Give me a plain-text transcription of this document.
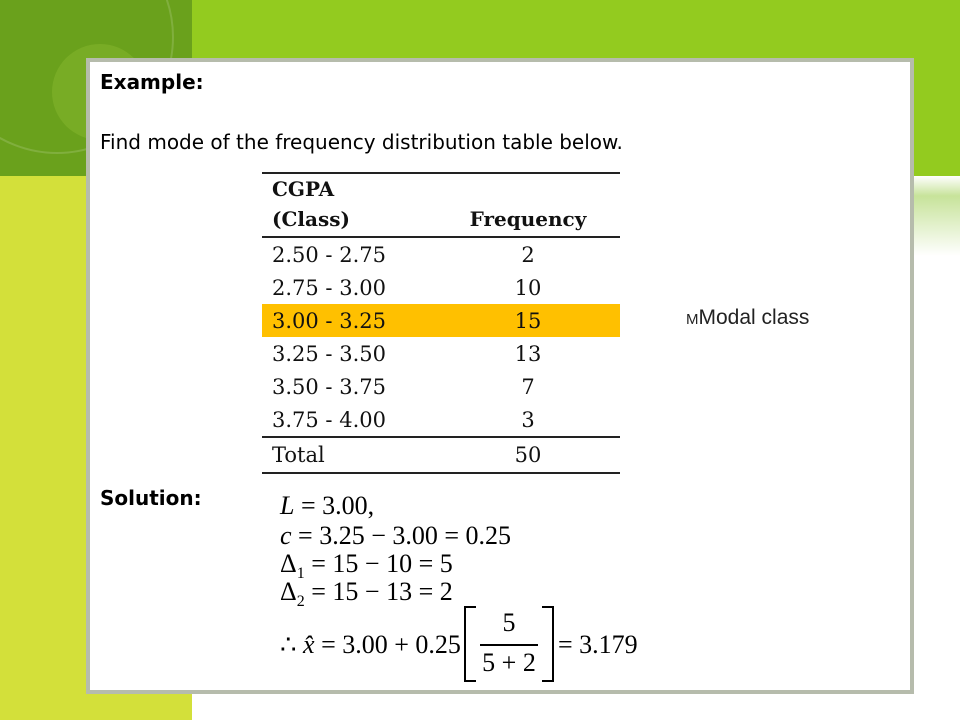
Example:
Find mode of the frequency distribution table below.
CGPA
(Class)	Frequency
2.50 - 2.75	2
2.75 - 3.00	10
3.00 - 3.25	15
3.25 - 3.50	13
3.50 - 3.75	7
3.75 - 4.00	3
Total	50
MModal class
Solution:	L = 3.00,
c = 3.25 − 3.00 = 0.25
$\Delta_1 = 15 - 10 = 5$
$\Delta_2 = 15 - 13 = 2$
∴ x̂ = 3.00 + 0.25
5
5 + 2
= 3.179
